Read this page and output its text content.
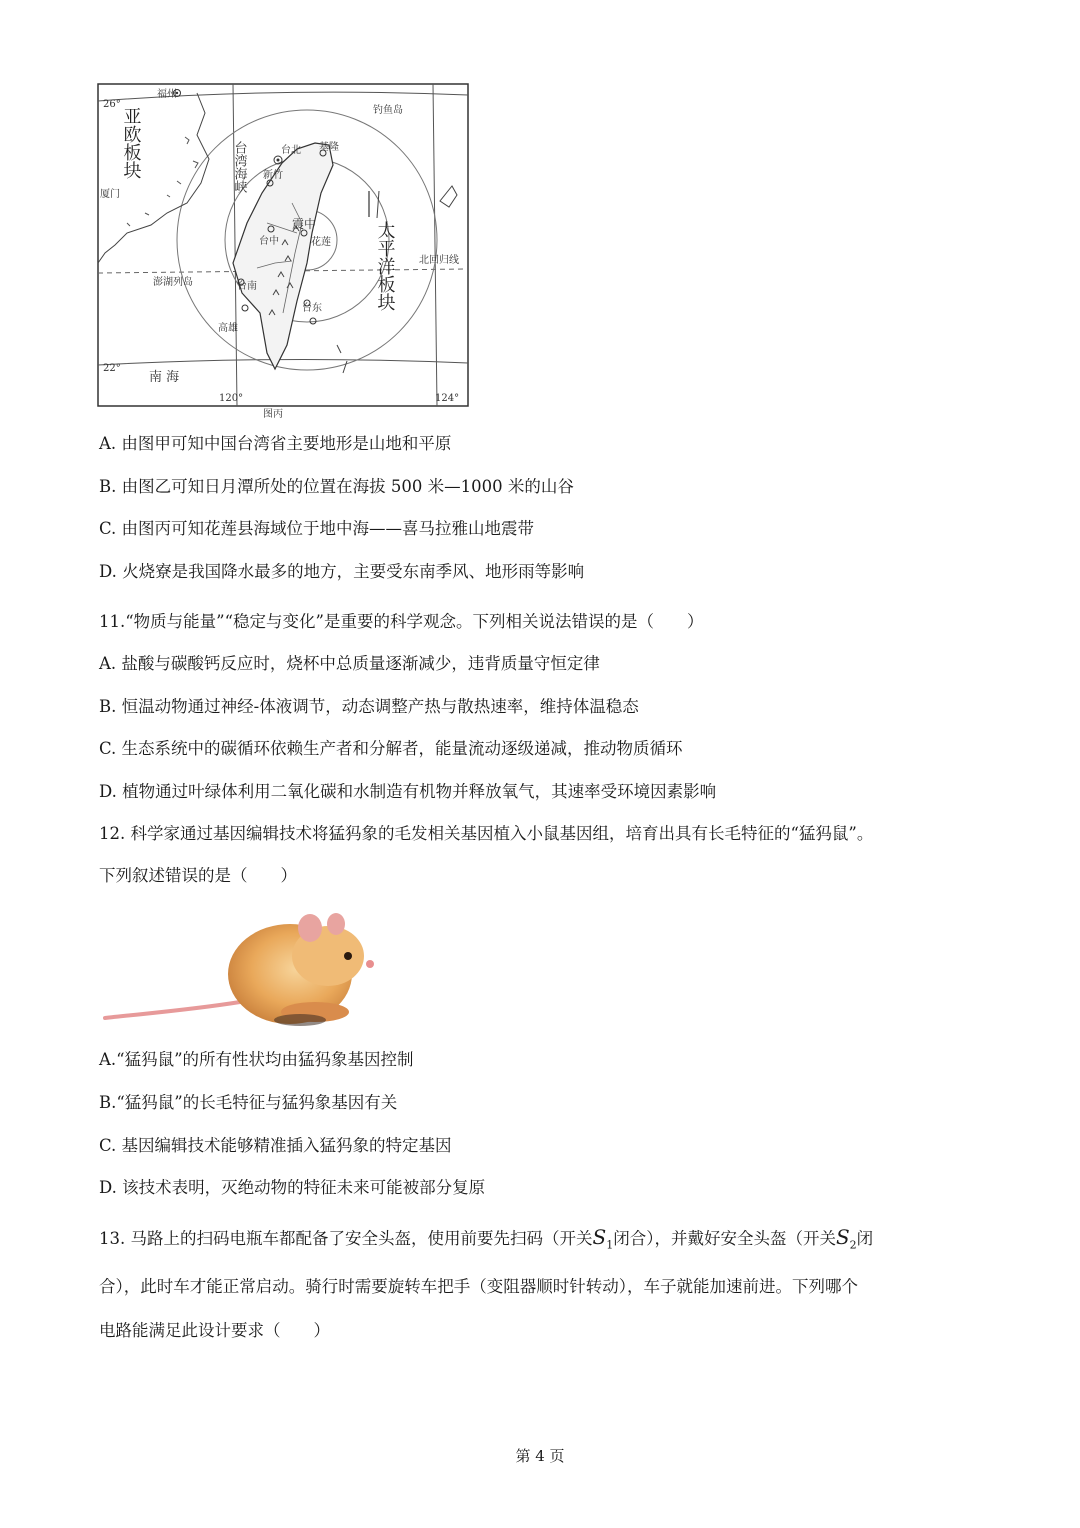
26°
22°
120°	124°
福州
钓鱼岛
台北 基隆
新竹
厦门
震中
台中	花莲
澎湖列岛	台南
台东
高雄
北回归线
南 海
图丙
亚欧板块
太平洋板块
台湾海峡
A. 由图甲可知中国台湾省主要地形是山地和平原
B. 由图乙可知日月潭所处的位置在海拔 500 米—1000 米的山谷
C. 由图丙可知花莲县海域位于地中海——喜马拉雅山地震带
D. 火烧寮是我国降水最多的地方，主要受东南季风、地形雨等影响
11.“物质与能量”“稳定与变化”是重要的科学观念。下列相关说法错误的是（　　）
A. 盐酸与碳酸钙反应时，烧杯中总质量逐渐减少，违背质量守恒定律
B. 恒温动物通过神经-体液调节，动态调整产热与散热速率，维持体温稳态
C. 生态系统中的碳循环依赖生产者和分解者，能量流动逐级递减，推动物质循环
D. 植物通过叶绿体利用二氧化碳和水制造有机物并释放氧气，其速率受环境因素影响
12. 科学家通过基因编辑技术将猛犸象的毛发相关基因植入小鼠基因组，培育出具有长毛特征的“猛犸鼠”。
下列叙述错误的是（　　）
A.“猛犸鼠”的所有性状均由猛犸象基因控制
B.“猛犸鼠”的长毛特征与猛犸象基因有关
C. 基因编辑技术能够精准插入猛犸象的特定基因
D. 该技术表明，灭绝动物的特征未来可能被部分复原
13. 马路上的扫码电瓶车都配备了安全头盔，使用前要先扫码（开关$S_1$闭合），并戴好安全头盔（开关$S_2$闭
合），此时车才能正常启动。骑行时需要旋转车把手（变阻器顺时针转动），车子就能加速前进。下列哪个
电路能满足此设计要求（　　）
第 4 页
